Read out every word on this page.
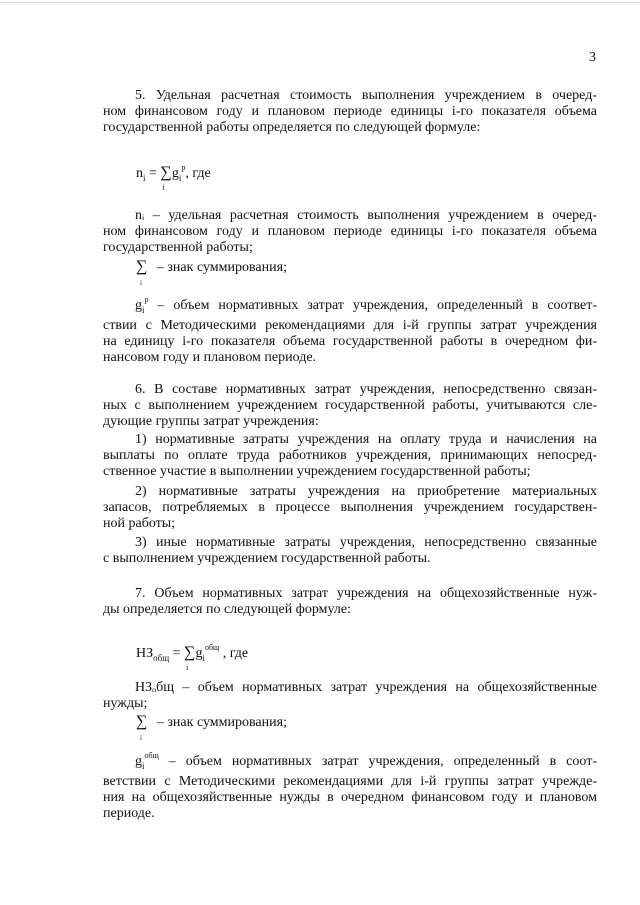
3
5. Удельная расчетная стоимость выполнения учреждением в очеред-
ном финансовом году и плановом периоде единицы i-го показателя объема
государственной работы определяется по следующей формуле:
$n_i$ = ∑
i
$g_i^p$, где
nᵢ – удельная расчетная стоимость выполнения учреждением в очеред-
ном финансовом году и плановом периоде единицы i-го показателя объема
государственной работы;
∑
i
– знак суммирования;
$g_i^p$ – объем нормативных затрат учреждения, определенный в соответ-
ствии с Методическими рекомендациями для i-й группы затрат учреждения
на единицу i-го показателя объема государственной работы в очередном фи-
нансовом году и плановом периоде.
6. В составе нормативных затрат учреждения, непосредственно связан-
ных с выполнением учреждением государственной работы, учитываются сле-
дующие группы затрат учреждения:
1) нормативные затраты учреждения на оплату труда и начисления на
выплаты по оплате труда работников учреждения, принимающих непосред-
ственное участие в выполнении учреждением государственной работы;
2) нормативные затраты учреждения на приобретение материальных
запасов, потребляемых в процессе выполнения учреждением государствен-
ной работы;
3) иные нормативные затраты учреждения, непосредственно связанные
с выполнением учреждением государственной работы.
7. Объем нормативных затрат учреждения на общехозяйственные нуж-
ды определяется по следующей формуле:
$НЗ_{общ}$ = ∑
i
$g_i^{общ}$ , где
НЗₒбщ – объем нормативных затрат учреждения на общехозяйственные
нужды;
∑
i
– знак суммирования;
$g_i^{общ}$ – объем нормативных затрат учреждения, определенный в соот-
ветствии с Методическими рекомендациями для i-й группы затрат учрежде-
ния на общехозяйственные нужды в очередном финансовом году и плановом
периоде.
